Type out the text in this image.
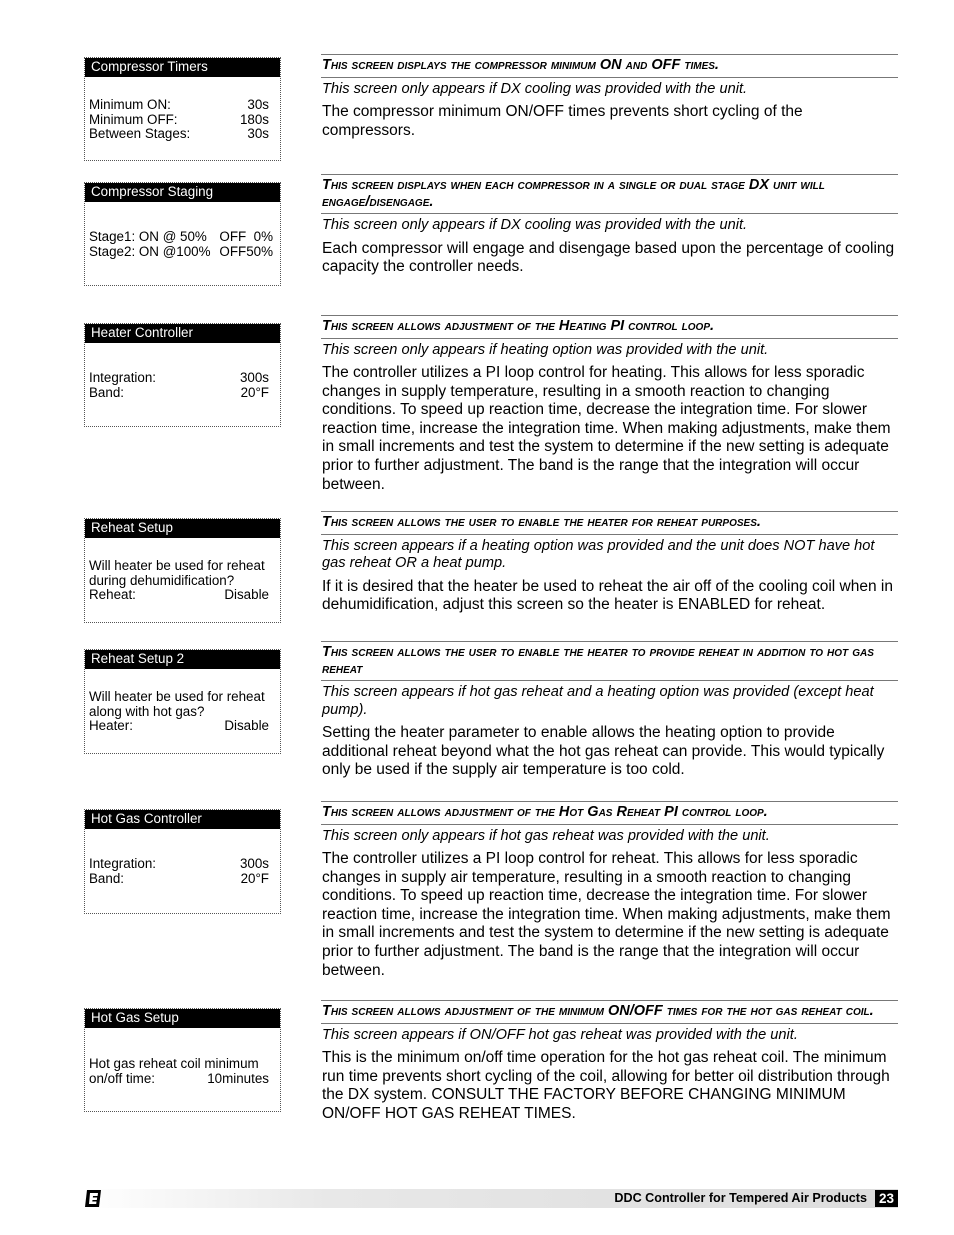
Compressor Timers
Minimum ON:	30s
Minimum OFF:	180s
Between Stages:	30s
Compressor Staging
Stage1: ON @ 50% OFF  0%
Stage2: ON @100% OFF50%
Heater Controller
Integration:	300s
Band:	20°F
Reheat Setup
Will heater be used for reheat
during dehumidification?
Reheat:	Disable
Reheat Setup 2
Will heater be used for reheat
along with hot gas?
Heater:	Disable
Hot Gas Controller
Integration:	300s
Band:	20°F
Hot Gas Setup
Hot gas reheat coil minimum
on/off time:	10minutes
This screen displays the compressor minimum ON and OFF times.
This screen only appears if DX cooling was provided with the unit.
The compressor minimum ON/OFF times prevents short cycling of the compressors.
This screen displays when each compressor in a single or dual stage DX unit will engage/disengage.
This screen only appears if DX cooling was provided with the unit.
Each compressor will engage and disengage based upon the percentage of cooling capacity the controller needs.
This screen allows adjustment of the Heating PI control loop.
This screen only appears if heating option was provided with the unit.
The controller utilizes a PI loop control for heating. This allows for less sporadic changes in supply temperature, resulting in a smooth reaction to changing conditions. To speed up reaction time, decrease the integration time. For slower reaction time, increase the integration time. When making adjustments, make them in small increments and test the system to determine if the new setting is adequate prior to further adjustment. The band is the range that the integration will occur between.
This screen allows the user to enable the heater for reheat purposes.
This screen appears if a heating option was provided and the unit does NOT have hot gas reheat OR a heat pump.
If it is desired that the heater be used to reheat the air off of the cooling coil when in dehumidification, adjust this screen so the heater is ENABLED for reheat.
This screen allows the user to enable the heater to provide reheat in addition to hot gas reheat
This screen appears if hot gas reheat and a heating option was provided (except heat pump).
Setting the heater parameter to enable allows the heating option to provide additional reheat beyond what the hot gas reheat can provide. This would typically only be used if the supply air temperature is too cold.
This screen allows adjustment of the Hot Gas Reheat PI control loop.
This screen only appears if hot gas reheat was provided with the unit.
The controller utilizes a PI loop control for reheat. This allows for less sporadic changes in supply air temperature, resulting in a smooth reaction to changing conditions. To speed up reaction time, decrease the integration time. For slower reaction time, increase the integration time. When making adjustments, make them in small increments and test the system to determine if the new setting is adequate prior to further adjustment. The band is the range that the integration will occur between.
This screen allows adjustment of the minimum ON/OFF times for the hot gas reheat coil.
This screen appears if ON/OFF hot gas reheat was provided with the unit.
This is the minimum on/off time operation for the hot gas reheat coil. The minimum run time prevents short cycling of the coil, allowing for better oil distribution through the DX system. CONSULT THE FACTORY BEFORE CHANGING MINIMUM ON/OFF HOT GAS REHEAT TIMES.
DDC Controller for Tempered Air Products 23
